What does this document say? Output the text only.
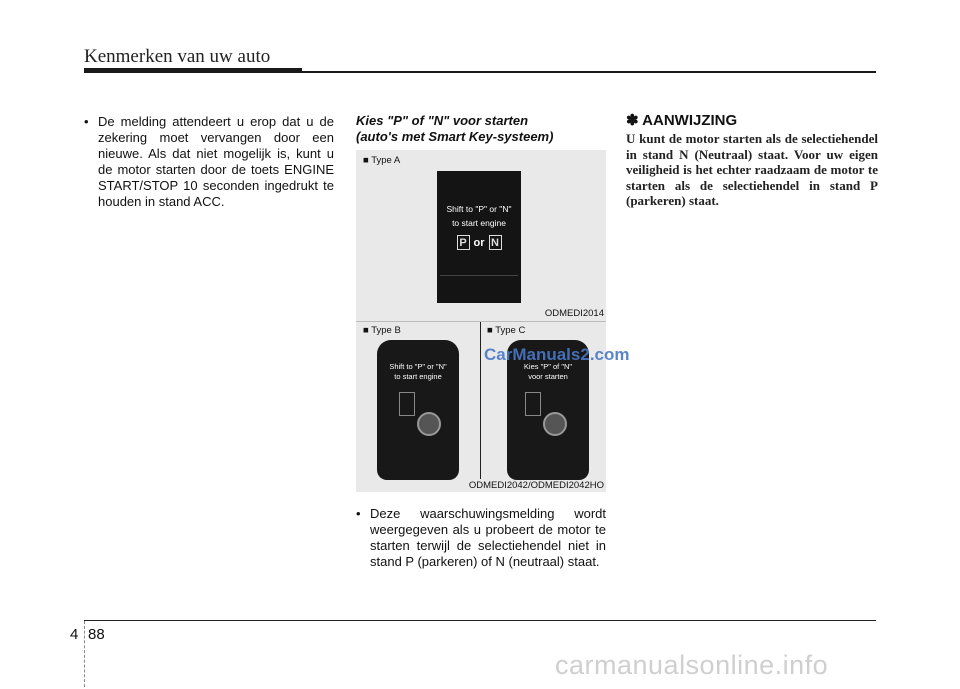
Kenmerken van uw auto
• De melding attendeert u erop dat u de zekering moet vervangen door een nieuwe. Als dat niet mogelijk is, kunt u de motor starten door de toets ENGINE START/STOP 10 seconden ingedrukt te houden in stand ACC.
Kies "P" of "N" voor starten
(auto's met Smart Key-systeem)
■ Type A
Shift to "P" or "N"
to start engine
P or N
ODMEDI2014
■ Type B	■ Type C
Shift to "P" or "N"
to start engine
Kies "P" of "N"
voor starten
ODMEDI2042/ODMEDI2042HO
CarManuals2.com
• Deze waarschuwingsmelding wordt weergegeven als u probeert de motor te starten terwijl de selectiehendel niet in stand P (parkeren) of N (neutraal) staat.
✽ AANWIJZING
U kunt de motor starten als de selectiehendel in stand N (Neutraal) staat. Voor uw eigen veiligheid is het echter raadzaam de motor te starten als de selectiehendel in stand P (parkeren) staat.
4 88
carmanualsonline.info
